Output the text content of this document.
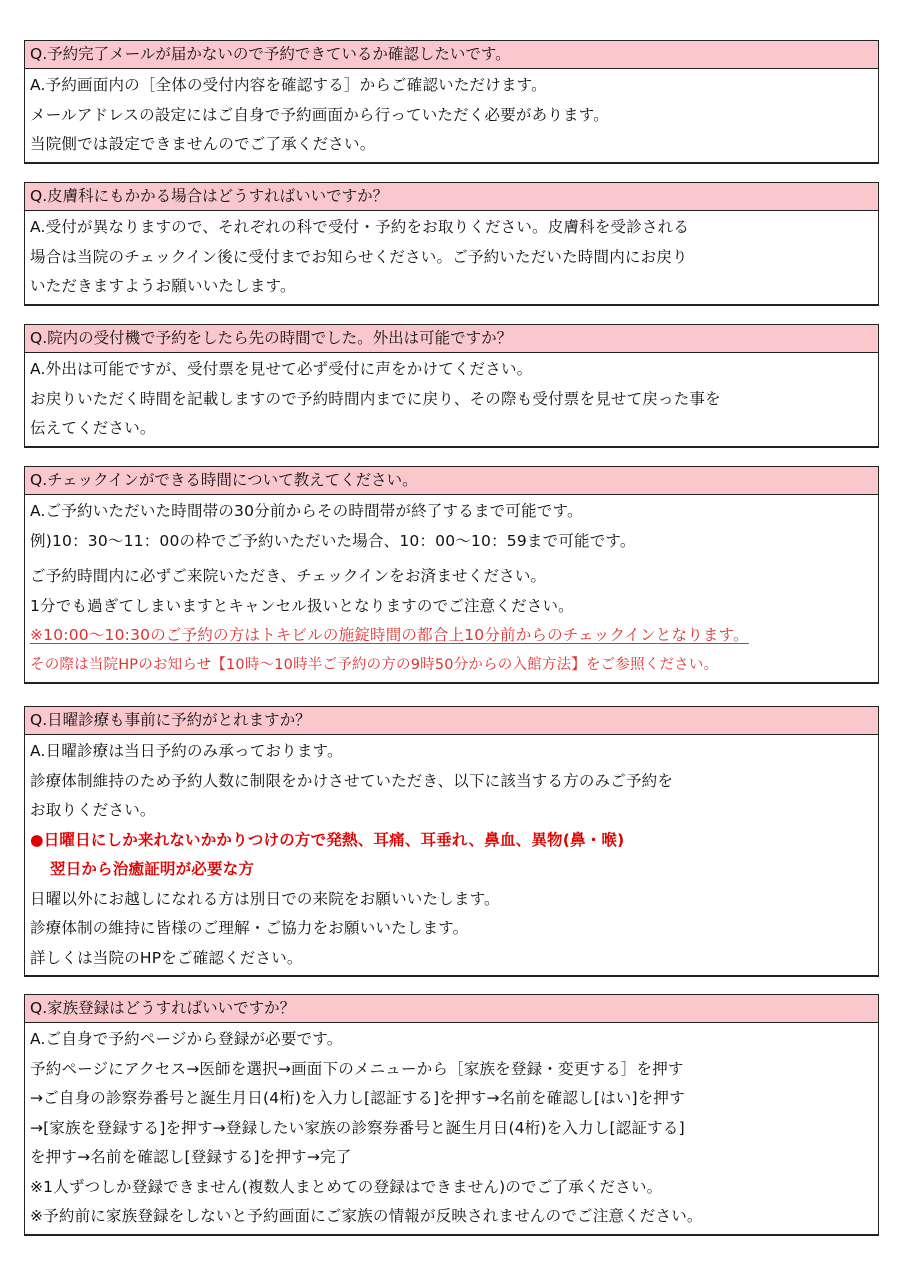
Q.予約完了メールが届かないので予約できているか確認したいです。
A.予約画面内の［全体の受付内容を確認する］からご確認いただけます。
メールアドレスの設定にはご自身で予約画面から行っていただく必要があります。
当院側では設定できませんのでご了承ください。
Q.皮膚科にもかかる場合はどうすればいいですか？
A.受付が異なりますので、それぞれの科で受付・予約をお取りください。皮膚科を受診される
場合は当院のチェックイン後に受付までお知らせください。ご予約いただいた時間内にお戻り
いただきますようお願いいたします。
Q.院内の受付機で予約をしたら先の時間でした。外出は可能ですか？
A.外出は可能ですが、受付票を見せて必ず受付に声をかけてください。
お戻りいただく時間を記載しますので予約時間内までに戻り、その際も受付票を見せて戻った事を
伝えてください。
Q.チェックインができる時間について教えてください。
A.ご予約いただいた時間帯の30分前からその時間帯が終了するまで可能です。
例)10：30〜11：00の枠でご予約いただいた場合、10：00〜10：59まで可能です。
ご予約時間内に必ずご来院いただき、チェックインをお済ませください。
1分でも過ぎてしまいますとキャンセル扱いとなりますのでご注意ください。
※10:00〜10:30のご予約の方はトキビルの施錠時間の都合上10分前からのチェックインとなります。
その際は当院HPのお知らせ【10時〜10時半ご予約の方の9時50分からの入館方法】をご参照ください。
Q.日曜診療も事前に予約がとれますか？
A.日曜診療は当日予約のみ承っております。
診療体制維持のため予約人数に制限をかけさせていただき、以下に該当する方のみご予約を
お取りください。
●日曜日にしか来れないかかりつけの方で発熱、耳痛、耳垂れ、鼻血、異物(鼻・喉)
翌日から治癒証明が必要な方
日曜以外にお越しになれる方は別日での来院をお願いいたします。
診療体制の維持に皆様のご理解・ご協力をお願いいたします。
詳しくは当院のHPをご確認ください。
Q.家族登録はどうすればいいですか？
A.ご自身で予約ページから登録が必要です。
予約ページにアクセス→医師を選択→画面下のメニューから［家族を登録・変更する］を押す
→ご自身の診察券番号と誕生月日(4桁)を入力し[認証する]を押す→名前を確認し[はい]を押す
→[家族を登録する]を押す→登録したい家族の診察券番号と誕生月日(4桁)を入力し[認証する]
を押す→名前を確認し[登録する]を押す→完了
※1人ずつしか登録できません(複数人まとめての登録はできません)のでご了承ください。
※予約前に家族登録をしないと予約画面にご家族の情報が反映されませんのでご注意ください。
